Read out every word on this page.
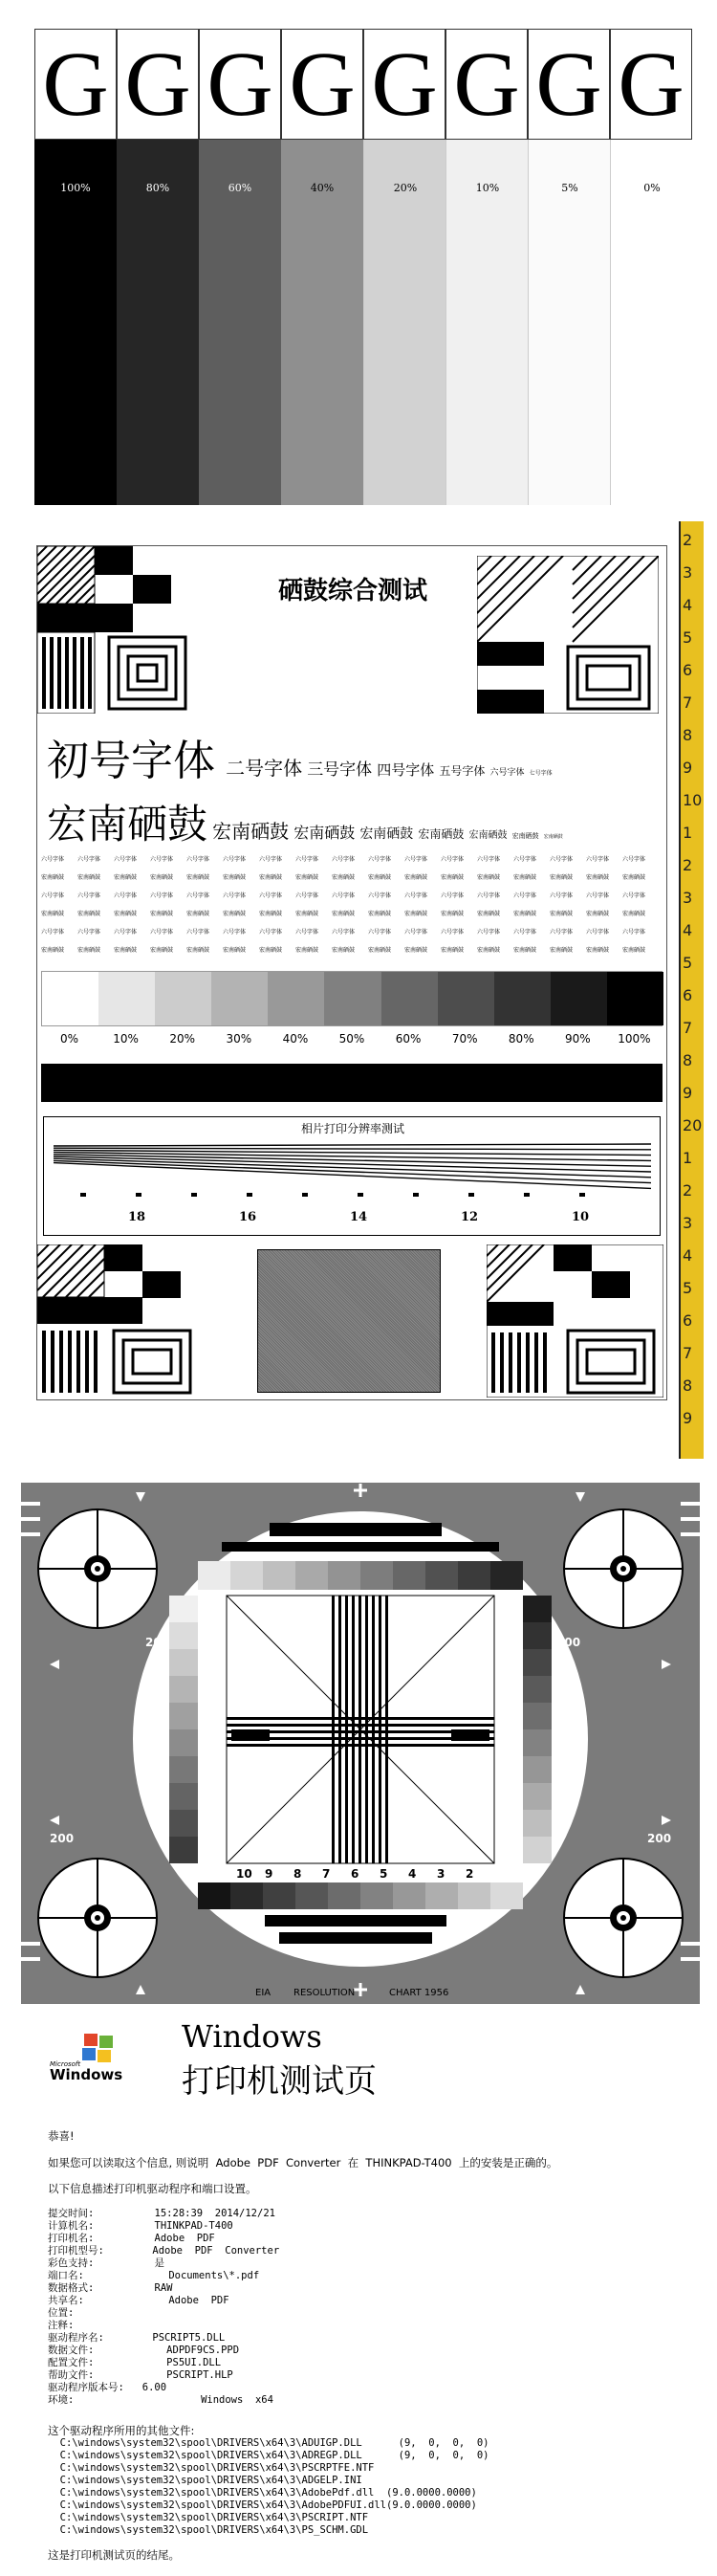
G
100%
G
80%
G
60%
G
40%
G
20%
G
10%
G
5%
G
0%
硒鼓综合测试
初号字体 二号字体 三号字体 四号字体 五号字体 六号字体 七号字体
宏南硒鼓 宏南硒鼓 宏南硒鼓 宏南硒鼓 宏南硒鼓 宏南硒鼓 宏南硒鼓 宏南硒鼓
六号字体 六号字体 六号字体 六号字体 六号字体 六号字体 六号字体 六号字体 六号字体 六号字体 六号字体 六号字体 六号字体 六号字体 六号字体 六号字体 六号字体
宏南硒鼓 宏南硒鼓 宏南硒鼓 宏南硒鼓 宏南硒鼓 宏南硒鼓 宏南硒鼓 宏南硒鼓 宏南硒鼓 宏南硒鼓 宏南硒鼓 宏南硒鼓 宏南硒鼓 宏南硒鼓 宏南硒鼓 宏南硒鼓 宏南硒鼓
六号字体 六号字体 六号字体 六号字体 六号字体 六号字体 六号字体 六号字体 六号字体 六号字体 六号字体 六号字体 六号字体 六号字体 六号字体 六号字体 六号字体
宏南硒鼓 宏南硒鼓 宏南硒鼓 宏南硒鼓 宏南硒鼓 宏南硒鼓 宏南硒鼓 宏南硒鼓 宏南硒鼓 宏南硒鼓 宏南硒鼓 宏南硒鼓 宏南硒鼓 宏南硒鼓 宏南硒鼓 宏南硒鼓 宏南硒鼓
六号字体 六号字体 六号字体 六号字体 六号字体 六号字体 六号字体 六号字体 六号字体 六号字体 六号字体 六号字体 六号字体 六号字体 六号字体 六号字体 六号字体
宏南硒鼓 宏南硒鼓 宏南硒鼓 宏南硒鼓 宏南硒鼓 宏南硒鼓 宏南硒鼓 宏南硒鼓 宏南硒鼓 宏南硒鼓 宏南硒鼓 宏南硒鼓 宏南硒鼓 宏南硒鼓 宏南硒鼓 宏南硒鼓 宏南硒鼓
0%	10%	20%	30%	40%	50%	60%	70%	80%	90%	100%
相片打印分辨率测试
18	16	14	12	10
2
3
4
5
6
7
8
9
10
1
2
3
4
5
6
7
8
9
20
1
2
3
4
5
6
7
8
9
200	200
200	200
10 9 8 7 6 5 4 3 2
EIA RESOLUTION	CHART 1956
Microsoft
Windows
Windows
打印机测试页
恭喜!
如果您可以读取这个信息, 则说明  Adobe  PDF  Converter  在  THINKPAD-T400  上的安装是正确的。
以下信息描述打印机驱动程序和端口设置。
提交时间:          15:28:39  2014/12/21
计算机名:          THINKPAD-T400
打印机名:          Adobe  PDF
打印机型号:        Adobe  PDF  Converter
彩色支持:          是
端口名:              Documents\*.pdf
数据格式:          RAW
共享名:              Adobe  PDF
位置:
注释:
驱动程序名:        PSCRIPT5.DLL
数据文件:            ADPDF9CS.PPD
配置文件:            PS5UI.DLL
帮助文件:            PSCRIPT.HLP
驱动程序版本号:   6.00
环境:                     Windows  x64
这个驱动程序所用的其他文件:
C:\windows\system32\spool\DRIVERS\x64\3\ADUIGP.DLL      (9,  0,  0,  0)
C:\windows\system32\spool\DRIVERS\x64\3\ADREGP.DLL      (9,  0,  0,  0)
C:\windows\system32\spool\DRIVERS\x64\3\PSCRPTFE.NTF
C:\windows\system32\spool\DRIVERS\x64\3\ADGELP.INI
C:\windows\system32\spool\DRIVERS\x64\3\AdobePdf.dll  (9.0.0000.0000)
C:\windows\system32\spool\DRIVERS\x64\3\AdobePDFUI.dll(9.0.0000.0000)
C:\windows\system32\spool\DRIVERS\x64\3\PSCRIPT.NTF
C:\windows\system32\spool\DRIVERS\x64\3\PS_SCHM.GDL
这是打印机测试页的结尾。
